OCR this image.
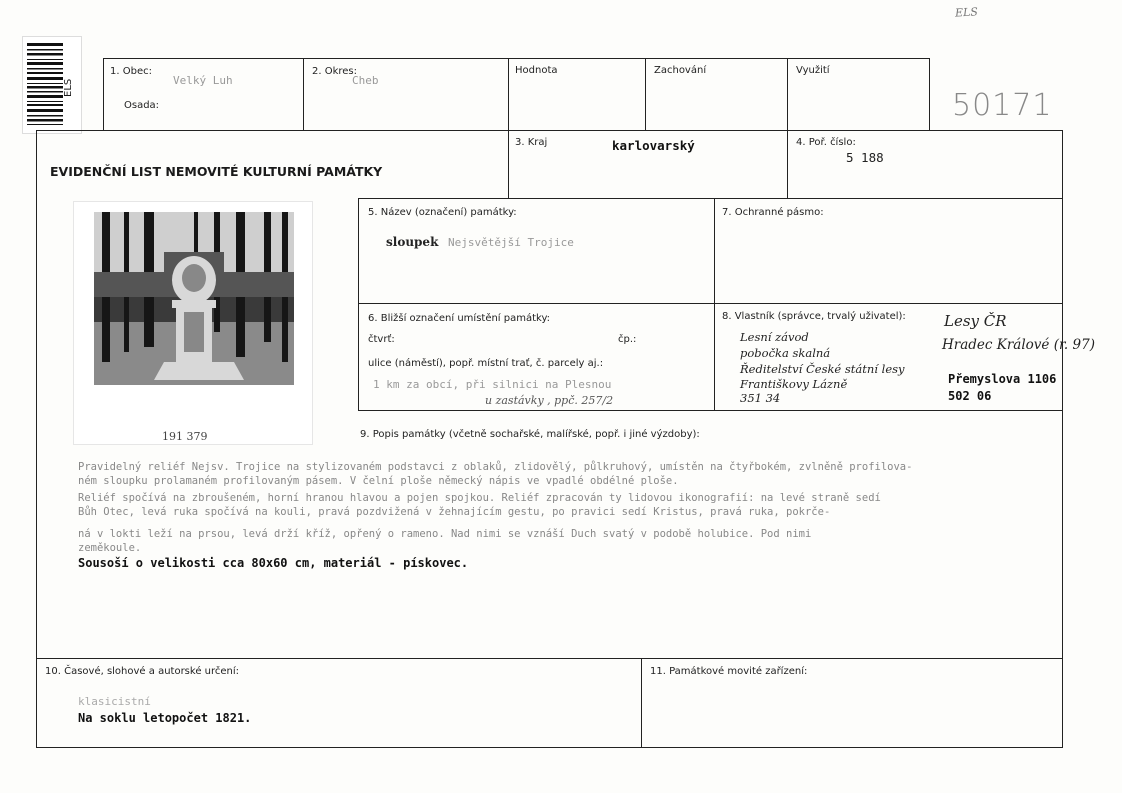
ELS
ELS
50171
1. Obec:
Velký Luh
Osada:
2. Okres:
Cheb
Hodnota	Zachování	Využití
EVIDENČNÍ LIST NEMOVITÉ KULTURNÍ PAMÁTKY
3. Kraj	karlovarský	4. Poř. číslo:
5 188
191 379
5. Název (označení) památky:
sloupek Nejsvětější Trojice
7. Ochranné pásmo:
6. Bližší označení umístění památky:
čtvrť:	čp.:
ulice (náměstí), popř. místní trať, č. parcely aj.:
1 km za obcí, při silnici na Plesnou
u zastávky , ppč. 257/2
8. Vlastník (správce, trvalý uživatel):
Lesní závod
pobočka skalná
Ředitelství České státní lesy
Františkovy Lázně
351 34
Lesy ČR
Hradec Králové (r. 97)
Přemyslova 1106
502 06
9. Popis památky (včetně sochařské, malířské, popř. i jiné výzdoby):
Pravidelný reliéf Nejsv. Trojice na stylizovaném podstavci z oblaků, zlidovělý, půlkruhový, umístěn na čtyřbokém, zvlněně profilova-
ném sloupku prolamaném profilovaným pásem. V čelní ploše německý nápis ve vpadlé obdélné ploše.
Reliéf spočívá na zbroušeném, horní hranou hlavou a pojen spojkou. Reliéf zpracován ty lidovou ikonografií: na levé straně sedí
Bůh Otec, levá ruka spočívá na kouli, pravá pozdvižená v žehnajícím gestu, po pravici sedí Kristus, pravá ruka, pokrče-
ná v lokti leží na prsou, levá drží kříž, opřený o rameno. Nad nimi se vznáší Duch svatý v podobě holubice. Pod nimi
zeměkoule.
Sousoší o velikosti cca 80x60 cm, materiál - pískovec.
10. Časové, slohové a autorské určení:
klasicistní
Na soklu letopočet 1821.
11. Památkové movité zařízení:
